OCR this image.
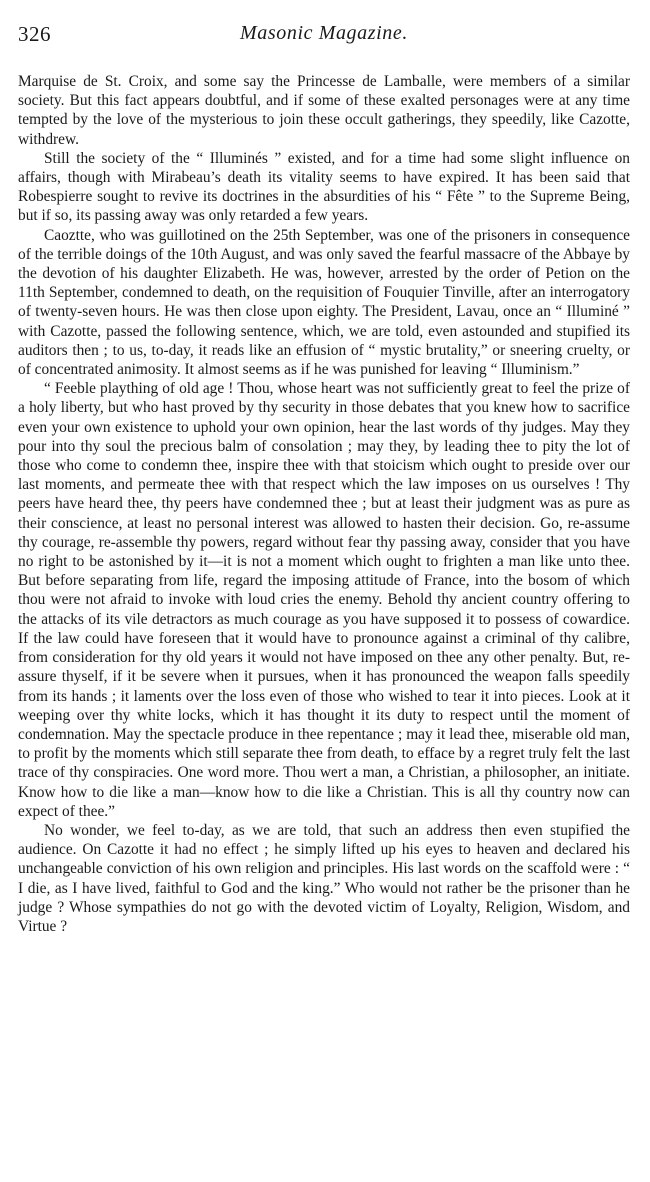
326	Masonic Magazine.

Marquise de St. Croix, and some say the Princesse de Lamballe, were members of a similar society. But this fact appears doubtful, and if some of these exalted personages were at any time tempted by the love of the mysterious to join these occult gatherings, they speedily, like Cazotte, withdrew.

Still the society of the “ Illuminés ” existed, and for a time had some slight influence on affairs, though with Mirabeau’s death its vitality seems to have expired. It has been said that Robespierre sought to revive its doctrines in the absurdities of his “ Fête ” to the Supreme Being, but if so, its passing away was only retarded a few years.

Caoztte, who was guillotined on the 25th September, was one of the prisoners in consequence of the terrible doings of the 10th August, and was only saved the fearful massacre of the Abbaye by the devotion of his daughter Elizabeth. He was, however, arrested by the order of Petion on the 11th September, condemned to death, on the requisition of Fouquier Tinville, after an interrogatory of twenty-seven hours. He was then close upon eighty. The President, Lavau, once an “ Illuminé ” with Cazotte, passed the following sentence, which, we are told, even astounded and stupified its auditors then ; to us, to-day, it reads like an effusion of “ mystic brutality,” or sneering cruelty, or of concentrated animosity. It almost seems as if he was punished for leaving “ Illuminism.”

“ Feeble plaything of old age ! Thou, whose heart was not sufficiently great to feel the prize of a holy liberty, but who hast proved by thy security in those debates that you knew how to sacrifice even your own existence to uphold your own opinion, hear the last words of thy judges. May they pour into thy soul the precious balm of consolation ; may they, by leading thee to pity the lot of those who come to condemn thee, inspire thee with that stoicism which ought to preside over our last moments, and permeate thee with that respect which the law imposes on us ourselves ! Thy peers have heard thee, thy peers have condemned thee ; but at least their judgment was as pure as their conscience, at least no personal interest was allowed to hasten their decision. Go, re-assume thy courage, re-assemble thy powers, regard without fear thy passing away, consider that you have no right to be astonished by it—it is not a moment which ought to frighten a man like unto thee. But before separating from life, regard the imposing attitude of France, into the bosom of which thou were not afraid to invoke with loud cries the enemy. Behold thy ancient country offering to the attacks of its vile detractors as much courage as you have supposed it to possess of cowardice. If the law could have foreseen that it would have to pronounce against a criminal of thy calibre, from consideration for thy old years it would not have imposed on thee any other penalty. But, re-assure thyself, if it be severe when it pursues, when it has pronounced the weapon falls speedily from its hands ; it laments over the loss even of those who wished to tear it into pieces. Look at it weeping over thy white locks, which it has thought it its duty to respect until the moment of condemnation. May the spectacle produce in thee repentance ; may it lead thee, miserable old man, to profit by the moments which still separate thee from death, to efface by a regret truly felt the last trace of thy conspiracies. One word more. Thou wert a man, a Christian, a philosopher, an initiate. Know how to die like a man—know how to die like a Christian. This is all thy country now can expect of thee.”

No wonder, we feel to-day, as we are told, that such an address then even stupified the audience. On Cazotte it had no effect ; he simply lifted up his eyes to heaven and declared his unchangeable conviction of his own religion and principles. His last words on the scaffold were : “ I die, as I have lived, faithful to God and the king.” Who would not rather be the prisoner than he judge ? Whose sympathies do not go with the devoted victim of Loyalty, Religion, Wisdom, and Virtue ?
